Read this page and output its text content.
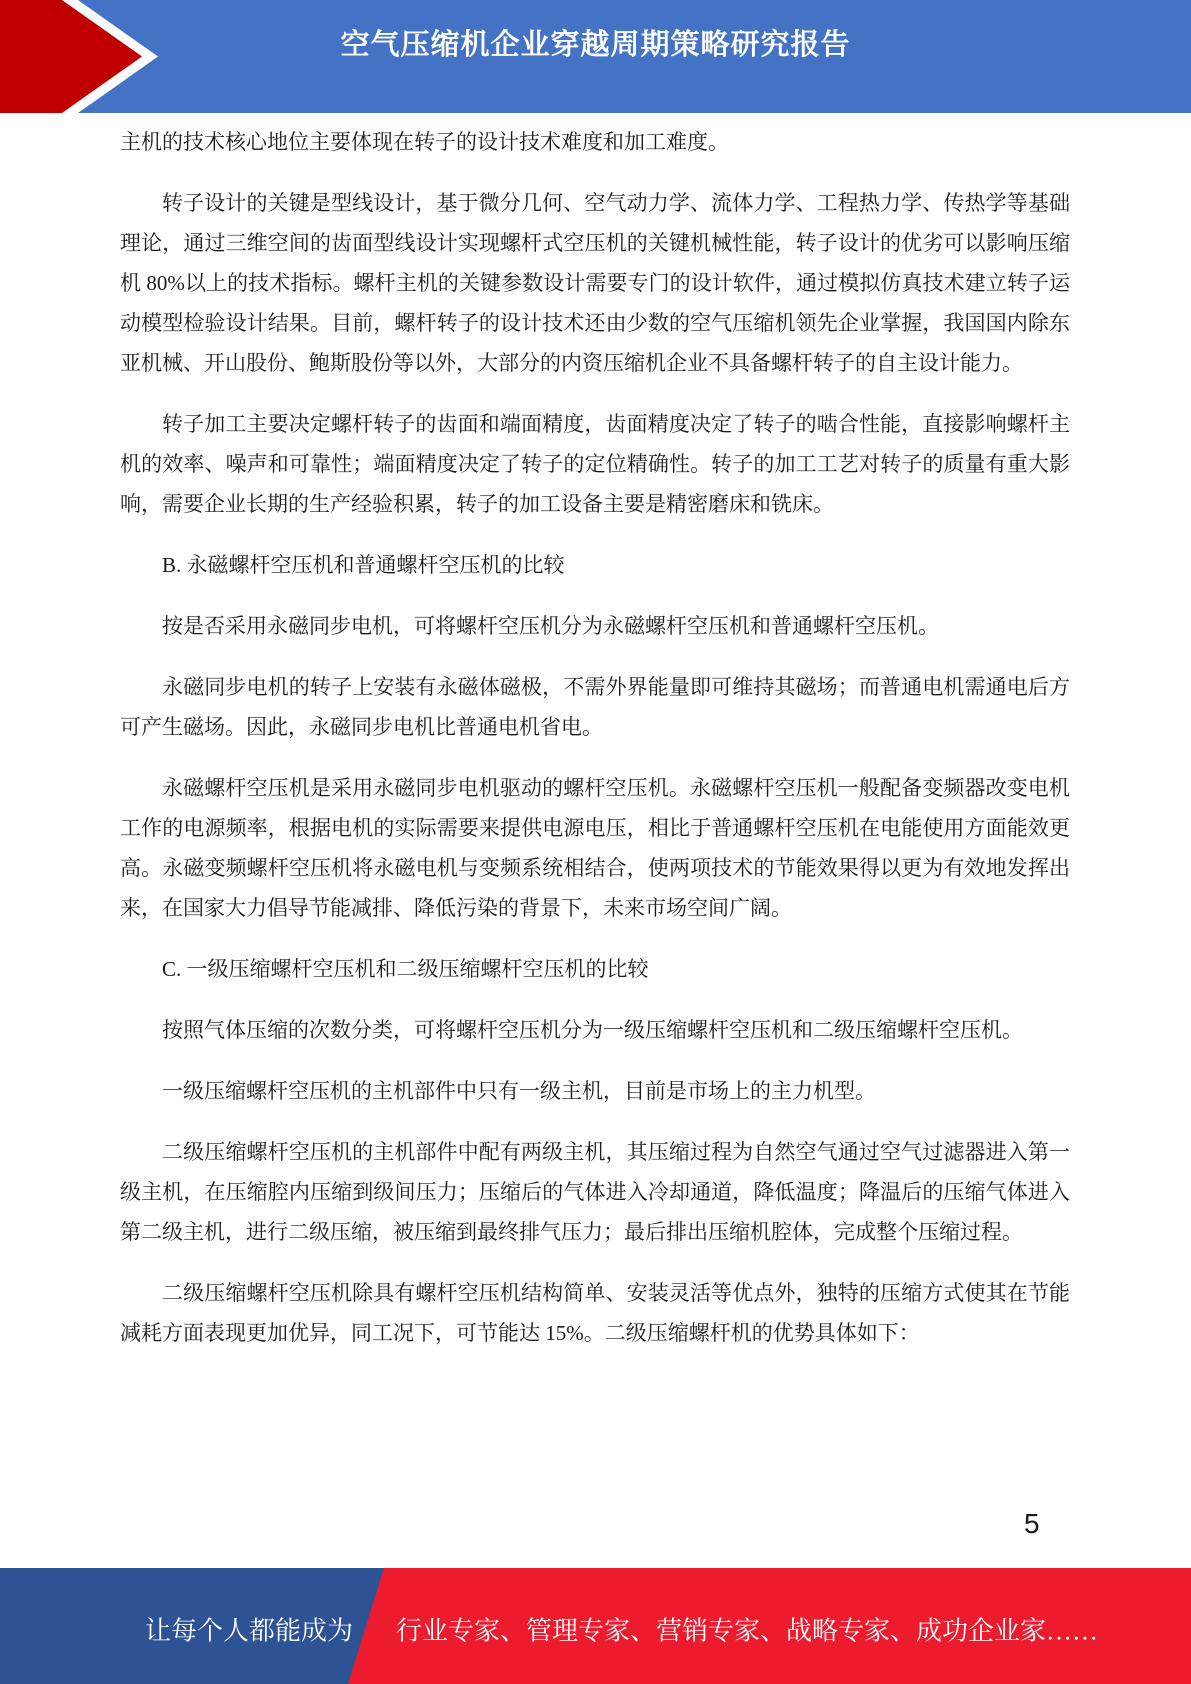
空气压缩机企业穿越周期策略研究报告

主机的技术核心地位主要体现在转子的设计技术难度和加工难度。

转子设计的关键是型线设计，基于微分几何、空气动力学、流体力学、工程热力学、传热学等基础理论，通过三维空间的齿面型线设计实现螺杆式空压机的关键机械性能，转子设计的优劣可以影响压缩机 80%以上的技术指标。螺杆主机的关键参数设计需要专门的设计软件，通过模拟仿真技术建立转子运动模型检验设计结果。目前，螺杆转子的设计技术还由少数的空气压缩机领先企业掌握，我国国内除东亚机械、开山股份、鲍斯股份等以外，大部分的内资压缩机企业不具备螺杆转子的自主设计能力。

转子加工主要决定螺杆转子的齿面和端面精度，齿面精度决定了转子的啮合性能，直接影响螺杆主机的效率、噪声和可靠性；端面精度决定了转子的定位精确性。转子的加工工艺对转子的质量有重大影响，需要企业长期的生产经验积累，转子的加工设备主要是精密磨床和铣床。

B. 永磁螺杆空压机和普通螺杆空压机的比较

按是否采用永磁同步电机，可将螺杆空压机分为永磁螺杆空压机和普通螺杆空压机。

永磁同步电机的转子上安装有永磁体磁极，不需外界能量即可维持其磁场；而普通电机需通电后方可产生磁场。因此，永磁同步电机比普通电机省电。

永磁螺杆空压机是采用永磁同步电机驱动的螺杆空压机。永磁螺杆空压机一般配备变频器改变电机工作的电源频率，根据电机的实际需要来提供电源电压，相比于普通螺杆空压机在电能使用方面能效更高。永磁变频螺杆空压机将永磁电机与变频系统相结合，使两项技术的节能效果得以更为有效地发挥出来，在国家大力倡导节能减排、降低污染的背景下，未来市场空间广阔。

C. 一级压缩螺杆空压机和二级压缩螺杆空压机的比较

按照气体压缩的次数分类，可将螺杆空压机分为一级压缩螺杆空压机和二级压缩螺杆空压机。

一级压缩螺杆空压机的主机部件中只有一级主机，目前是市场上的主力机型。

二级压缩螺杆空压机的主机部件中配有两级主机，其压缩过程为自然空气通过空气过滤器进入第一级主机，在压缩腔内压缩到级间压力；压缩后的气体进入冷却通道，降低温度；降温后的压缩气体进入第二级主机，进行二级压缩，被压缩到最终排气压力；最后排出压缩机腔体，完成整个压缩过程。

二级压缩螺杆空压机除具有螺杆空压机结构简单、安装灵活等优点外，独特的压缩方式使其在节能减耗方面表现更加优异，同工况下，可节能达 15%。二级压缩螺杆机的优势具体如下：

5
让每个人都能成为 行业专家、管理专家、营销专家、战略专家、成功企业家……
